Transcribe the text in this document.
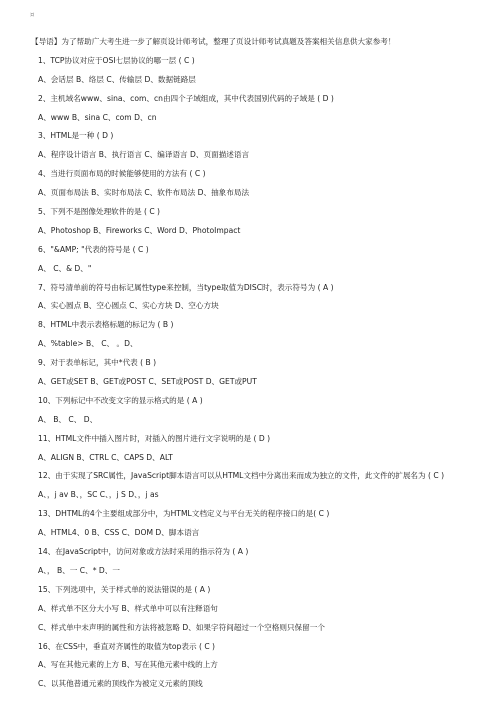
¤
【导语】为了帮助广大考生进一步了解页设计师考试，整理了页设计师考试真题及答案相关信息供大家参考！
1、TCP协议对应于OSI七层协议的哪一层 ( C )
A、会话层 B、络层 C、传输层 D、数据链路层
2、主机域名www、sina、com、cn由四个子域组成，其中代表国别代码的子域是 ( D )
A、www B、sina C、com D、cn
3、HTML是一种 ( D )
A、程序设计语言 B、执行语言 C、编译语言 D、页面描述语言
4、当进行页面布局的时候能够使用的方法有 ( C )
A、页面布局法 B、实时布局法 C、软件布局法 D、抽象布局法
5、下列不是图像处理软件的是 ( C )
A、Photoshop B、Fireworks C、Word D、PhotoImpact
6、"&AMP; "代表的符号是 ( C )
A、 C、& D、"
7、符号清单前的符号由标记属性type来控制，当type取值为DISC时，表示符号为 ( A )
A、实心圆点 B、空心圆点 C、实心方块 D、空心方块
8、HTML中表示表格标题的标记为 ( B )
A、%table> B、 C、 。D、
9、对于表单标记，其中*代表 ( B )
A、GET或SET B、GET或POST C、SET或POST D、GET或PUT
10、下列标记中不改变文字的显示格式的是 ( A )
A、 B、 C、 D、
11、HTML文件中插入图片时，对插入的图片进行文字说明的是 ( D )
A、ALIGN B、CTRL C、CAPS D、ALT
12、由于实现了SRC属性，JavaScript脚本语言可以从HTML文档中分离出来而成为独立的文件，此文件的扩展名为 ( C )
A、，j av B、，SC C、，j S D、，j as
13、DHTML的4个主要组成部分中，为HTML文档定义与平台无关的程序接口的是( C )
A、HTML4、0 B、CSS C、DOM D、脚本语言
14、在JavaScript中，访问对象或方法时采用的指示符为 ( A )
A、， B、一 C、* D、一
15、下列选项中，关于样式单的说法错误的是 ( A )
A、样式单不区分大小写 B、样式单中可以有注释语句
C、样式单中未声明的属性和方法将被忽略 D、如果字符间超过一个空格则只保留一个
16、在CSS中，垂直对齐属性的取值为top表示 ( C )
A、写在其他元素的上方 B、写在其他元素中线的上方
C、以其他普通元素的顶线作为被定义元素的顶线
